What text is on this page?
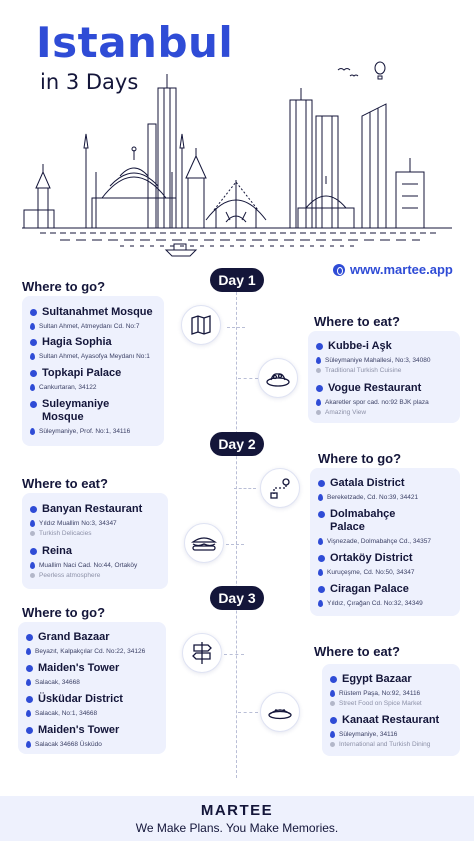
Istanbul
in 3 Days
www.martee.app
Day 1
Where to go?
Sultanahmet Mosque
Sultan Ahmet, Atmeydanı Cd. No:7
Hagia Sophia
Sultan Ahmet, Ayasofya Meydanı No:1
Topkapi Palace
Cankurtaran, 34122
Suleymaniye Mosque
Süleymaniye, Prof. No:1, 34116
Where to eat?
Kubbe-i Aşk
Süleymaniye Mahallesi, No:3, 34080
Traditional Turkish Cuisine
Vogue Restaurant
Akaretler spor cad. no:92 BJK plaza
Amazing View
Day 2
Where to eat?
Banyan Restaurant
Yıldız Muallim No:3, 34347
Turkish Delicacies
Reina
Muallim Naci Cad. No:44, Ortaköy
Peerless atmosphere
Where to go?
Gatala District
Bereketzade, Cd. No:39, 34421
Dolmabahçe Palace
Vişnezade, Dolmabahçe Cd., 34357
Ortaköy District
Kuruçeşme, Cd. No:50, 34347
Ciragan Palace
Yıldız, Çırağan Cd. No:32, 34349
Day 3
Where to go?
Grand Bazaar
Beyazıt, Kalpakçılar Cd. No:22, 34126
Maiden's Tower
Salacak, 34668
Üsküdar District
Salacak, No:1, 34668
Maiden's Tower
Salacak 34668 Üsküdo
Where to eat?
Egypt Bazaar
Rüstem Paşa, No:92, 34116
Street Food on Spice Market
Kanaat Restaurant
Süleymaniye, 34116
International and Turkish Dining
MARTEE
We Make Plans. You Make Memories.
